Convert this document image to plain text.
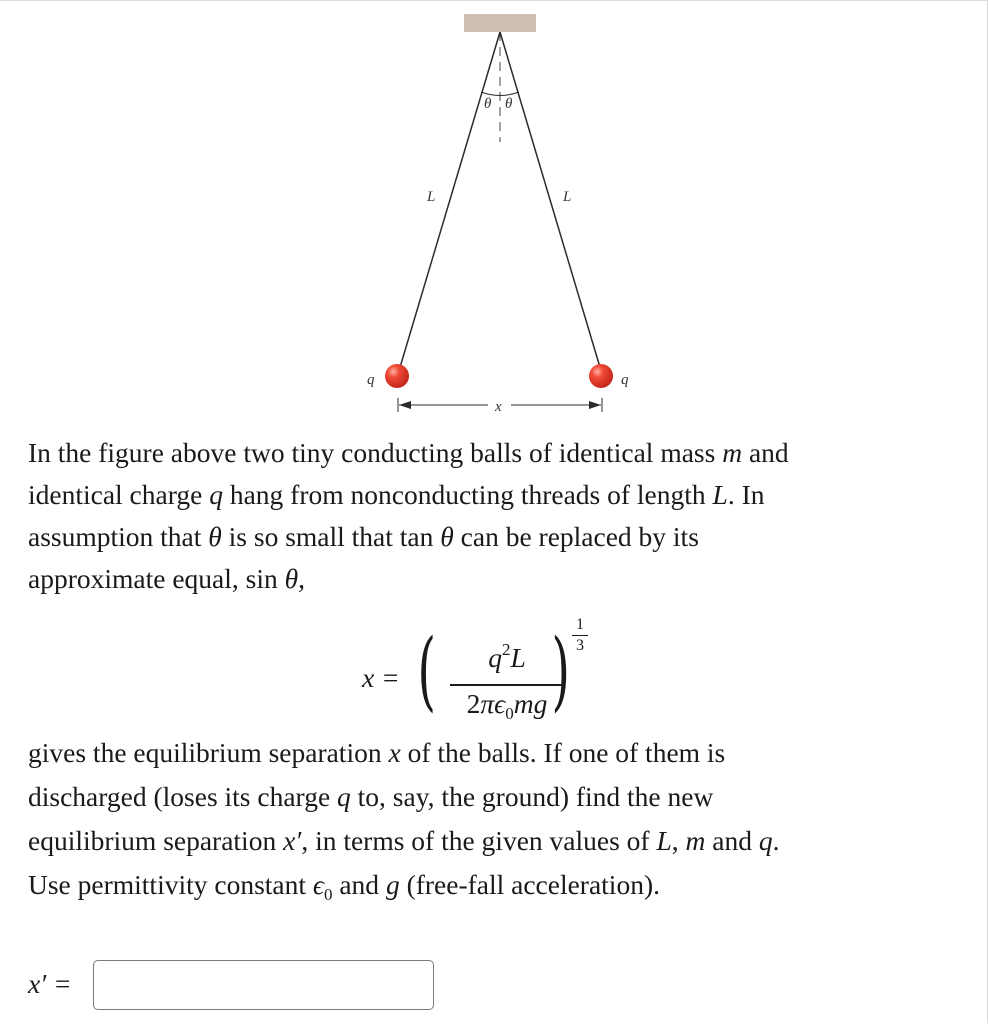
θ θ
L	L
q	q
x
In the figure above two tiny conducting balls of identical mass m and
identical charge q hang from nonconducting threads of length L. In
assumption that θ is so small that tan θ can be replaced by its
approximate equal, sin θ,
x = (	$q^2L$
$2\pi\epsilon_0mg$ ) 1
3
gives the equilibrium separation x of the balls. If one of them is
discharged (loses its charge q to, say, the ground) find the new
equilibrium separation x′, in terms of the given values of L, m and q.
Use permittivity constant $\epsilon_0$ and g (free-fall acceleration).
x′ =
